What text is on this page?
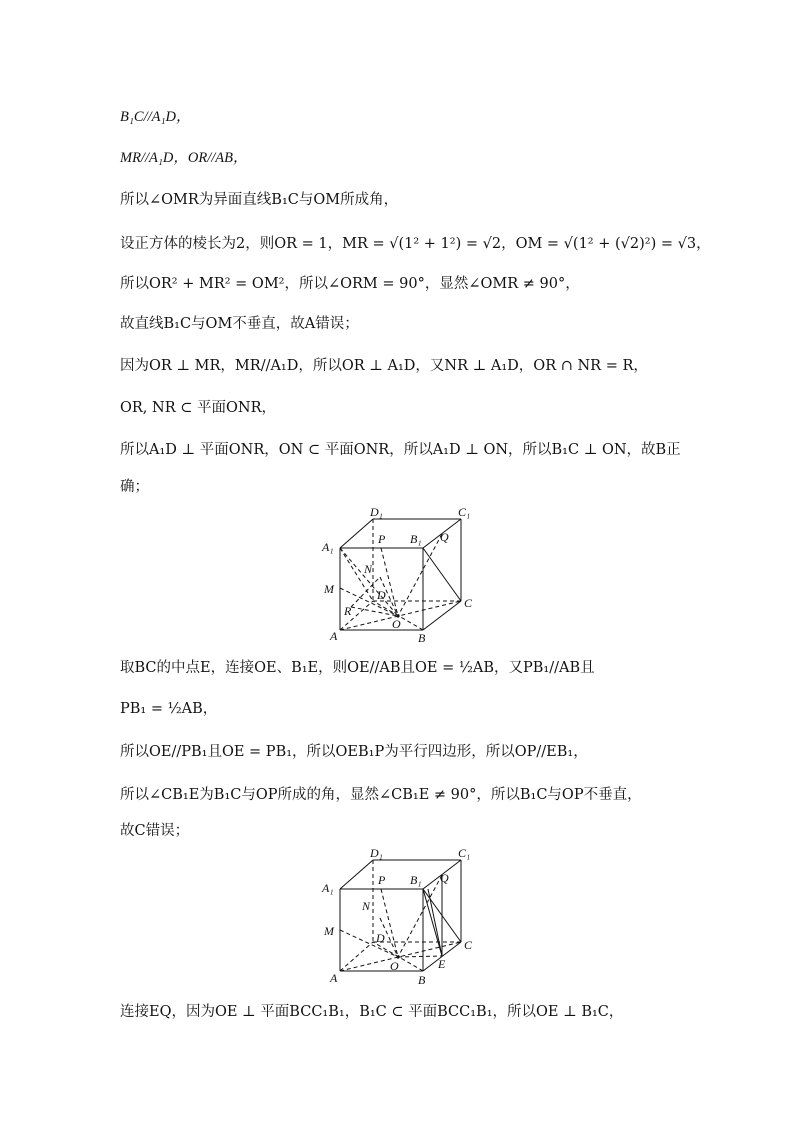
B₁C//A₁D，
MR//A₁D，OR//AB，
所以∠OMR为异面直线B₁C与OM所成角，
设正方体的棱长为2，则OR = 1，MR = √(1² + 1²) = √2，OM = √(1² + (√2)²) = √3，
所以OR² + MR² = OM²，所以∠ORM = 90°，显然∠OMR ≠ 90°，
故直线B₁C与OM不垂直，故A错误；
因为OR ⊥ MR，MR//A₁D，所以OR ⊥ A₁D，又NR ⊥ A₁D，OR ∩ NR = R，
OR, NR ⊂ 平面ONR，
所以A₁D ⊥ 平面ONR，ON ⊂ 平面ONR，所以A₁D ⊥ ON，所以B₁C ⊥ ON，故B正
确；
D₁	C₁
A₁
P B₁ Q
N
M	D
C
R
O
A	B
取BC的中点E，连接OE、B₁E，则OE//AB且OE = ½AB，又PB₁//AB且
PB₁ = ½AB，
所以OE//PB₁且OE = PB₁，所以OEB₁P为平行四边形，所以OP//EB₁，
所以∠CB₁E为B₁C与OP所成的角，显然∠CB₁E ≠ 90°，所以B₁C与OP不垂直，
故C错误；
D₁	C₁
A₁
P B₁ Q
N
M	D	C
O	E
A	B
连接EQ，因为OE ⊥ 平面BCC₁B₁，B₁C ⊂ 平面BCC₁B₁，所以OE ⊥ B₁C，
